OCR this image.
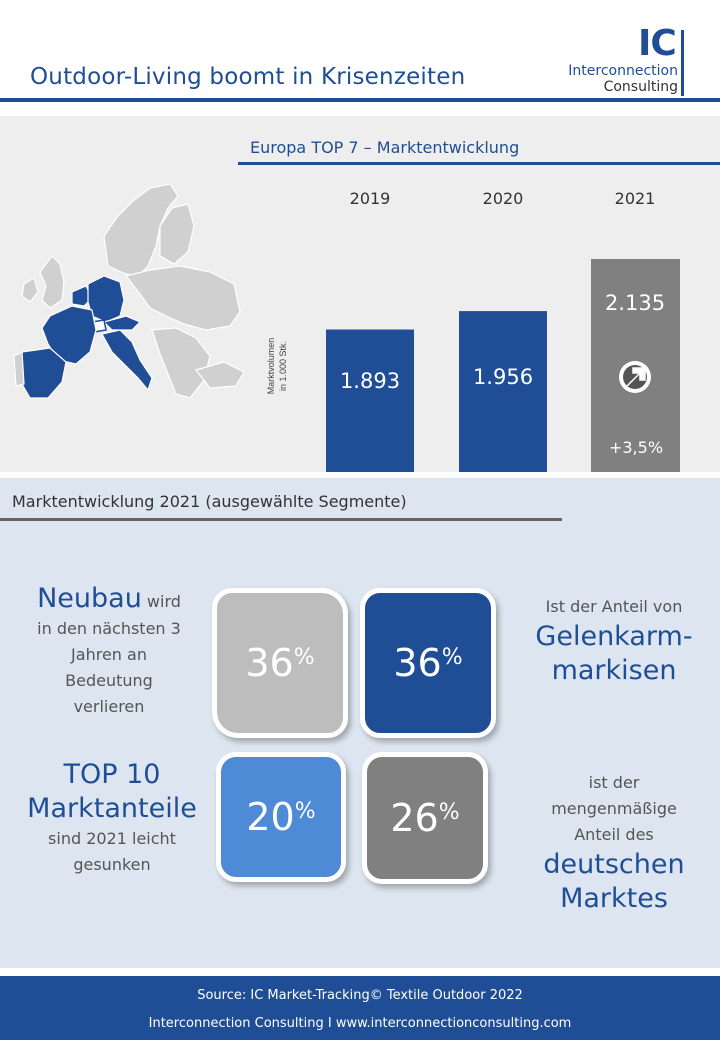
Outdoor-Living boomt in Krisenzeiten
IC
Interconnection
Consulting
Marktvolumen in 1.000 Stk.
2019	2020	2021
1.893	1.956
2.135
+3,5%
Europa TOP 7 – Marktentwicklung
Marktentwicklung 2021 (ausgewählte Segmente)
Neubau wird
in den nächsten 3
Jahren an
Bedeutung
verlieren
36 % 36 %
Ist der Anteil von
Gelenkarm-
markisen
TOP 10
Marktanteile
sind 2021 leicht
gesunken
20 % 26 %
ist der
mengenmäßige
Anteil des
deutschen
Marktes
Source: IC Market-Tracking© Textile Outdoor 2022
Interconnection Consulting I www.interconnectionconsulting.com
